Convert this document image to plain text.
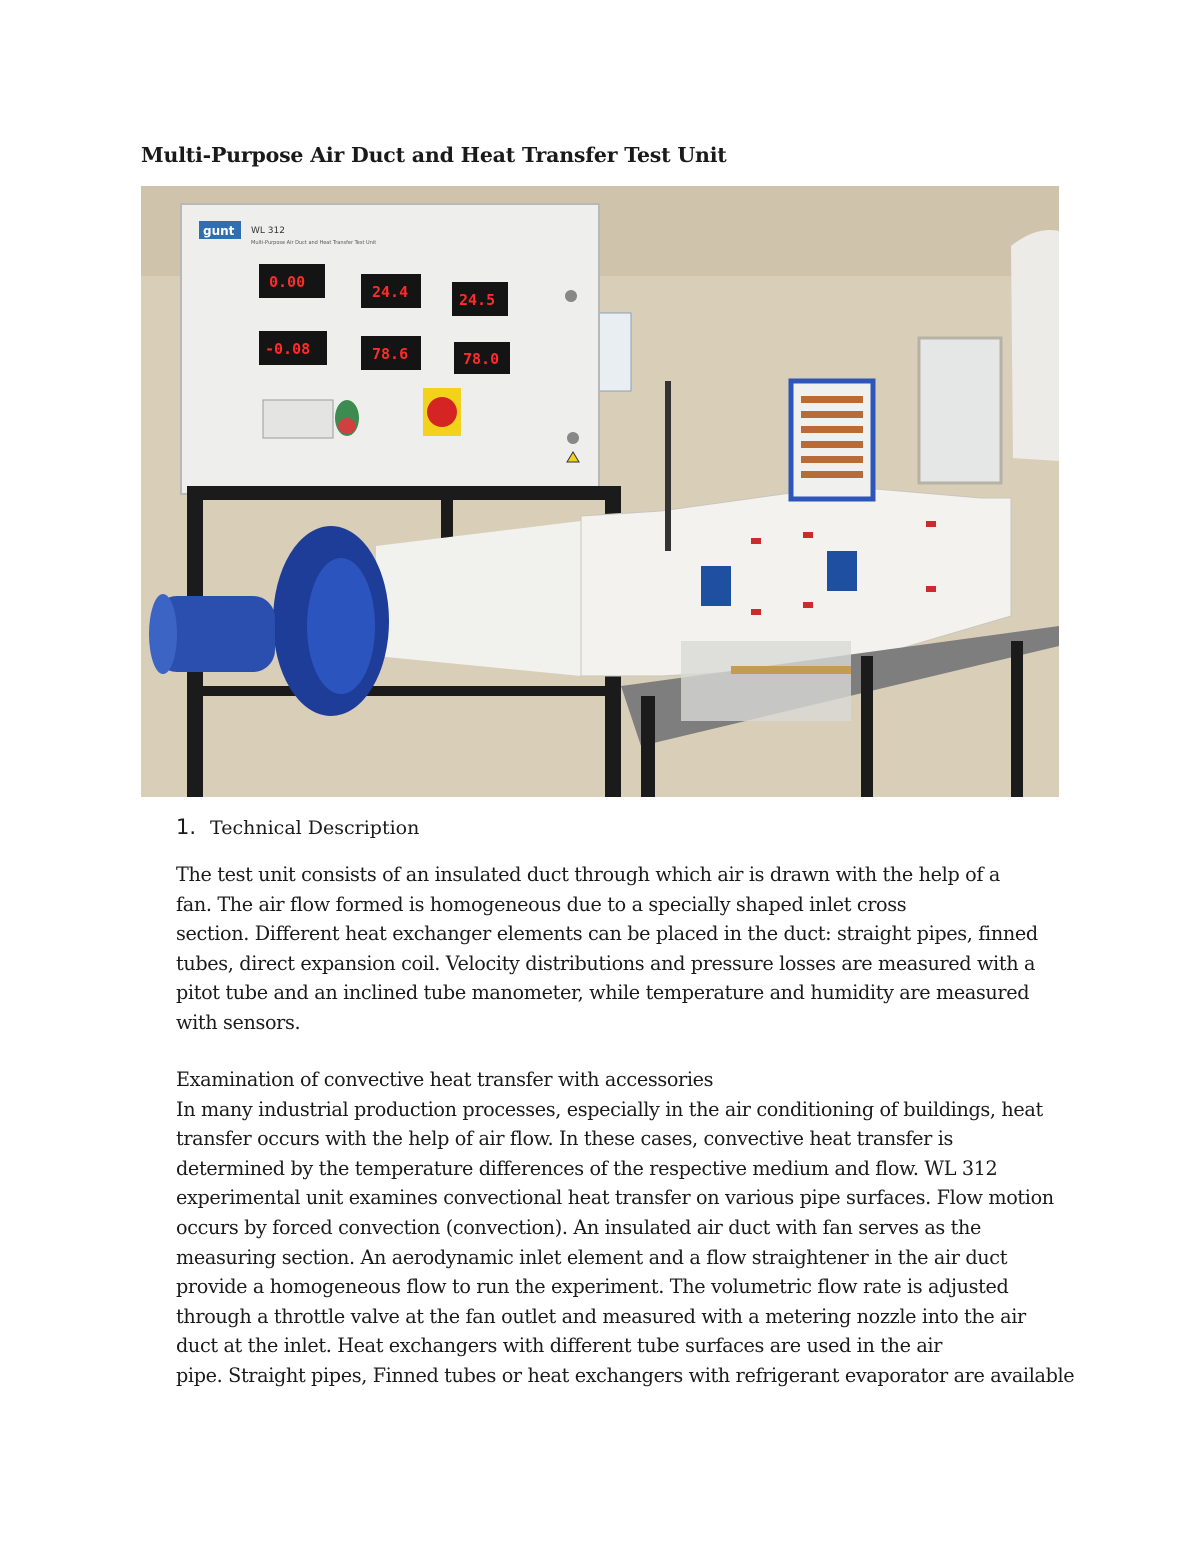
Multi-Purpose Air Duct and Heat Transfer Test Unit
gunt WL 312
Multi-Purpose Air Duct and Heat Transfer Test Unit
0.00
24.4	24.5
-0.08	78.6	78.0
1. Technical Description
The test unit consists of an insulated duct through which air is drawn with the help of a
fan. The air flow formed is homogeneous due to a specially shaped inlet cross
section. Different heat exchanger elements can be placed in the duct: straight pipes, finned
tubes, direct expansion coil. Velocity distributions and pressure losses are measured with a
pitot tube and an inclined tube manometer, while temperature and humidity are measured
with sensors.
Examination of convective heat transfer with accessories
In many industrial production processes, especially in the air conditioning of buildings, heat
transfer occurs with the help of air flow. In these cases, convective heat transfer is
determined by the temperature differences of the respective medium and flow. WL 312
experimental unit examines convectional heat transfer on various pipe surfaces. Flow motion
occurs by forced convection (convection). An insulated air duct with fan serves as the
measuring section. An aerodynamic inlet element and a flow straightener in the air duct
provide a homogeneous flow to run the experiment. The volumetric flow rate is adjusted
through a throttle valve at the fan outlet and measured with a metering nozzle into the air
duct at the inlet. Heat exchangers with different tube surfaces are used in the air
pipe. Straight pipes, Finned tubes or heat exchangers with refrigerant evaporator are available
